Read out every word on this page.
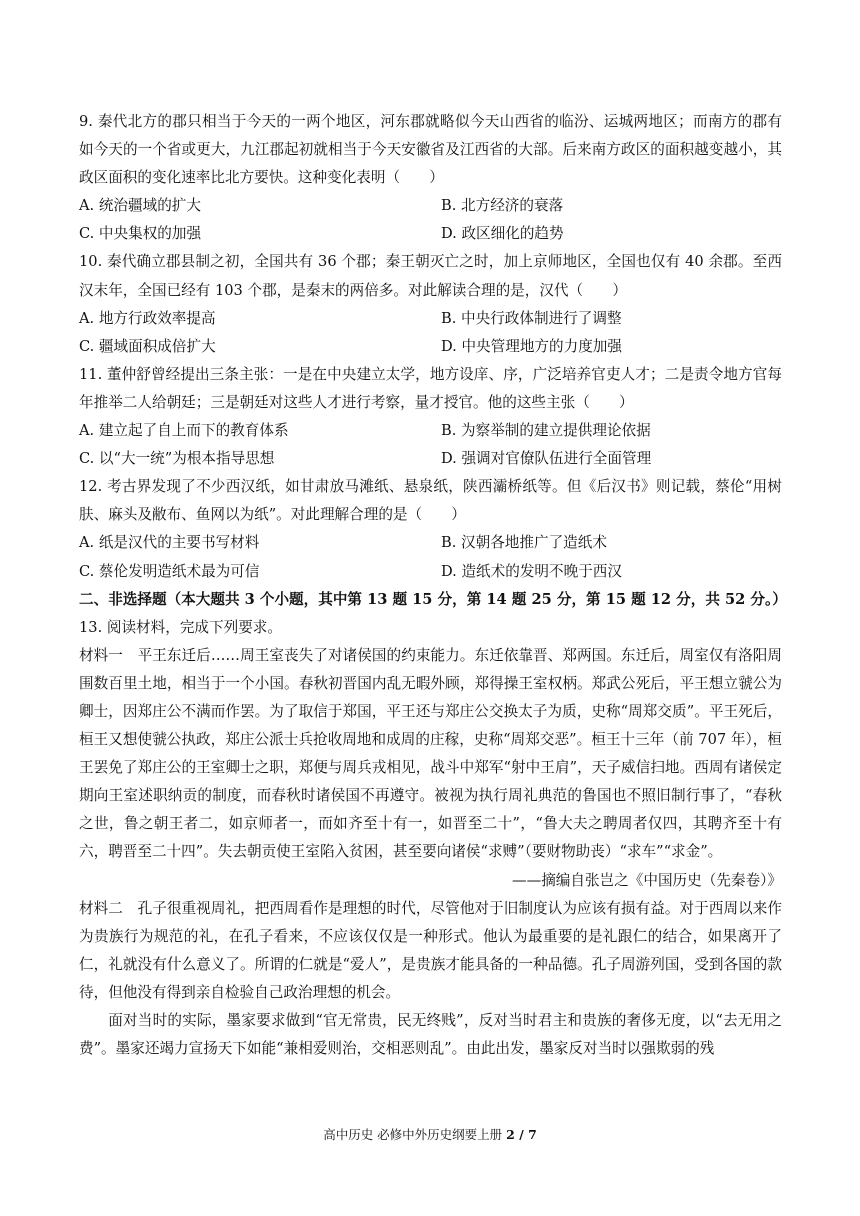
9. 秦代北方的郡只相当于今天的一两个地区，河东郡就略似今天山西省的临汾、运城两地区；而南方的郡有如今天的一个省或更大，九江郡起初就相当于今天安徽省及江西省的大部。后来南方政区的面积越变越小，其政区面积的变化速率比北方要快。这种变化表明（　　）

A. 统治疆域的扩大	B. 北方经济的衰落
C. 中央集权的加强	D. 政区细化的趋势

10. 秦代确立郡县制之初，全国共有 36 个郡；秦王朝灭亡之时，加上京师地区，全国也仅有 40 余郡。至西汉末年，全国已经有 103 个郡，是秦末的两倍多。对此解读合理的是，汉代（　　）

A. 地方行政效率提高	B. 中央行政体制进行了调整
C. 疆域面积成倍扩大	D. 中央管理地方的力度加强

11. 董仲舒曾经提出三条主张：一是在中央建立太学，地方设庠、序，广泛培养官吏人才；二是责令地方官每年推举二人给朝廷；三是朝廷对这些人才进行考察，量才授官。他的这些主张（　　）

A. 建立起了自上而下的教育体系	B. 为察举制的建立提供理论依据
C. 以“大一统”为根本指导思想	D. 强调对官僚队伍进行全面管理

12. 考古界发现了不少西汉纸，如甘肃放马滩纸、悬泉纸，陕西灞桥纸等。但《后汉书》则记载，蔡伦“用树肤、麻头及敝布、鱼网以为纸”。对此理解合理的是（　　）

A. 纸是汉代的主要书写材料	B. 汉朝各地推广了造纸术
C. 蔡伦发明造纸术最为可信	D. 造纸术的发明不晚于西汉

二、非选择题（本大题共 3 个小题，其中第 13 题 15 分，第 14 题 25 分，第 15 题 12 分，共 52 分。）

13. 阅读材料，完成下列要求。

材料一　平王东迁后……周王室丧失了对诸侯国的约束能力。东迁依靠晋、郑两国。东迁后，周室仅有洛阳周围数百里土地，相当于一个小国。春秋初晋国内乱无暇外顾，郑得操王室权柄。郑武公死后，平王想立虢公为卿士，因郑庄公不满而作罢。为了取信于郑国，平王还与郑庄公交换太子为质，史称“周郑交质”。平王死后，桓王又想使虢公执政，郑庄公派士兵抢收周地和成周的庄稼，史称“周郑交恶”。桓王十三年（前 707 年），桓王罢免了郑庄公的王室卿士之职，郑便与周兵戎相见，战斗中郑军“射中王肩”，天子威信扫地。西周有诸侯定期向王室述职纳贡的制度，而春秋时诸侯国不再遵守。被视为执行周礼典范的鲁国也不照旧制行事了，“春秋之世，鲁之朝王者二，如京师者一，而如齐至十有一，如晋至二十”，“鲁大夫之聘周者仅四，其聘齐至十有六，聘晋至二十四”。失去朝贡使王室陷入贫困，甚至要向诸侯“求赙”（要财物助丧）“求车”“求金”。

——摘编自张岂之《中国历史（先秦卷）》

材料二　孔子很重视周礼，把西周看作是理想的时代，尽管他对于旧制度认为应该有损有益。对于西周以来作为贵族行为规范的礼，在孔子看来，不应该仅仅是一种形式。他认为最重要的是礼跟仁的结合，如果离开了仁，礼就没有什么意义了。所谓的仁就是“爱人”，是贵族才能具备的一种品德。孔子周游列国，受到各国的款待，但他没有得到亲自检验自己政治理想的机会。

面对当时的实际，墨家要求做到“官无常贵，民无终贱”，反对当时君主和贵族的奢侈无度，以“去无用之费”。墨家还竭力宣扬天下如能“兼相爱则治，交相恶则乱”。由此出发，墨家反对当时以强欺弱的残

高中历史 必修中外历史纲要上册 2 / 7
